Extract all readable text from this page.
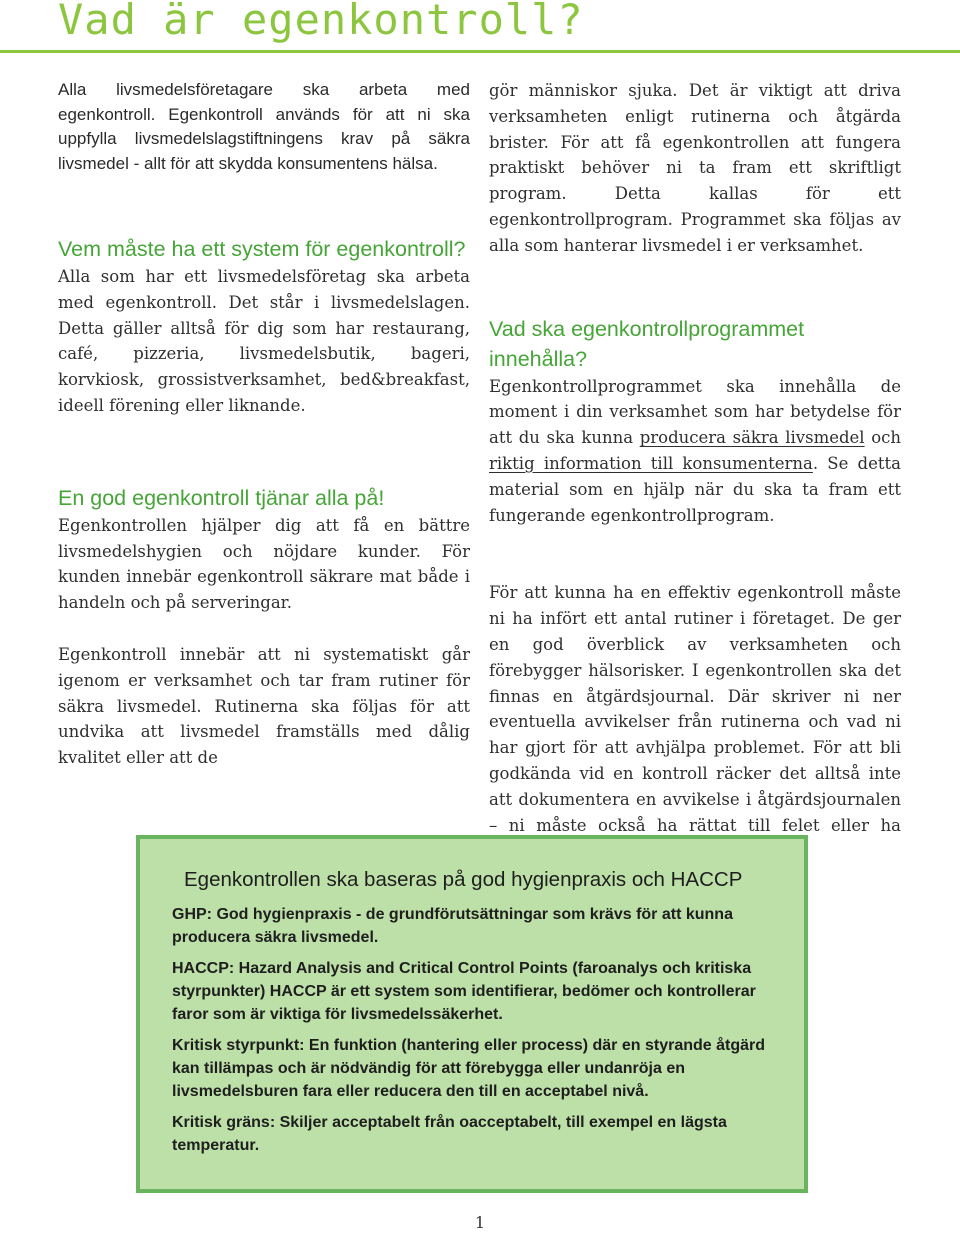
Vad är egenkontroll?

Alla livsmedelsföretagare ska arbeta med egenkontroll. Egenkontroll används för att ni ska uppfylla livsmedelslagstiftningens krav på säkra livsmedel - allt för att skydda konsumentens hälsa.

Vem måste ha ett system för egenkontroll?

Alla som har ett livsmedelsföretag ska arbeta med egenkontroll. Det står i livsmedelslagen. Detta gäller alltså för dig som har restaurang, café, pizzeria, livsmedelsbutik, bageri, korvkiosk, grossistverksamhet, bed&breakfast, ideell förening eller liknande.

En god egenkontroll tjänar alla på!

Egenkontrollen hjälper dig att få en bättre livsmedelshygien och nöjdare kunder. För kunden innebär egenkontroll säkrare mat både i handeln och på serveringar.

Egenkontroll innebär att ni systematiskt går igenom er verksamhet och tar fram rutiner för säkra livsmedel. Rutinerna ska följas för att undvika att livsmedel framställs med dålig kvalitet eller att de

gör människor sjuka. Det är viktigt att driva verksamheten enligt rutinerna och åtgärda brister. För att få egenkontrollen att fungera praktiskt behöver ni ta fram ett skriftligt program. Detta kallas för ett egenkontrollprogram. Programmet ska följas av alla som hanterar livsmedel i er verksamhet.

Vad ska egenkontrollprogrammet innehålla?

Egenkontrollprogrammet ska innehålla de moment i din verksamhet som har betydelse för att du ska kunna producera säkra livsmedel och riktig information till konsumenterna. Se detta material som en hjälp när du ska ta fram ett fungerande egenkontrollprogram.

För att kunna ha en effektiv egenkontroll måste ni ha infört ett antal rutiner i företaget. De ger en god överblick av verksamheten och förebygger hälsorisker. I egenkontrollen ska det finnas en åtgärdsjournal. Där skriver ni ner eventuella avvikelser från rutinerna och vad ni har gjort för att avhjälpa problemet. För att bli godkända vid en kontroll räcker det alltså inte att dokumentera en avvikelse i åtgärdsjournalen – ni måste också ha rättat till felet eller ha

Egenkontrollen ska baseras på god hygienpraxis och HACCP

GHP: God hygienpraxis - de grundförutsättningar som krävs för att kunna producera säkra livsmedel.

HACCP: Hazard Analysis and Critical Control Points (faroanalys och kritiska styrpunkter) HACCP är ett system som identifierar, bedömer och kontrollerar faror som är viktiga för livsmedelssäkerhet.

Kritisk styrpunkt: En funktion (hantering eller process) där en styrande åtgärd kan tillämpas och är nödvändig för att förebygga eller undanröja en livsmedelsburen fara eller reducera den till en acceptabel nivå.

Kritisk gräns: Skiljer acceptabelt från oacceptabelt, till exempel en lägsta temperatur.

1
